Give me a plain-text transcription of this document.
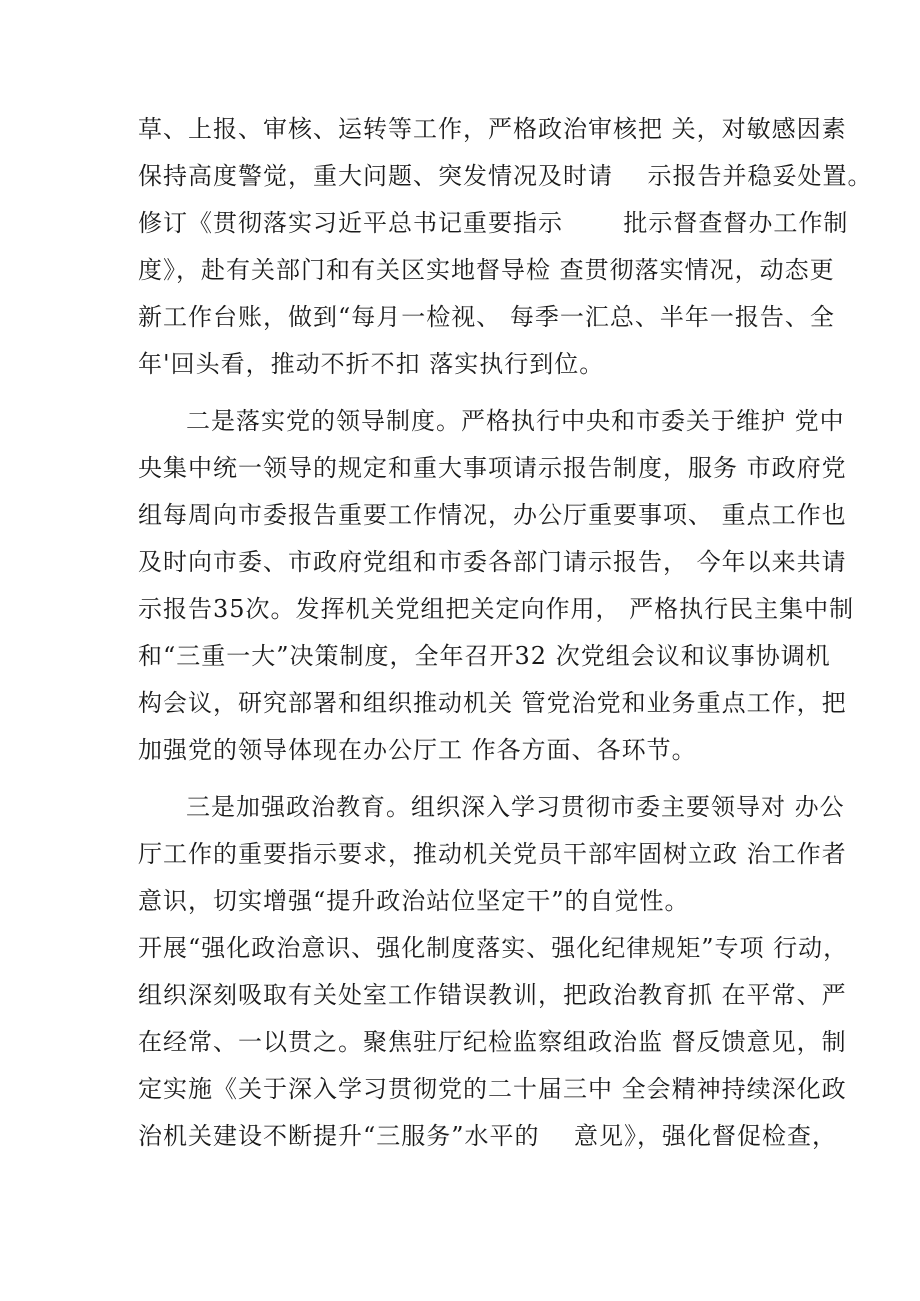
草、上报、审核、运转等工作，严格政治审核把 关，对敏感因素
保持高度警觉，重大问题、突发情况及时请    示报告并稳妥处置。
修订《贯彻落实习近平总书记重要指示       批示督查督办工作制
度》，赴有关部门和有关区实地督导检 查贯彻落实情况，动态更
新工作台账，做到“每月一检视、 每季一汇总、半年一报告、全
年'回头看，推动不折不扣 落实执行到位。
二是落实党的领导制度。严格执行中央和市委关于维护 党中
央集中统一领导的规定和重大事项请示报告制度，服务 市政府党
组每周向市委报告重要工作情况，办公厅重要事项、 重点工作也
及时向市委、市政府党组和市委各部门请示报告， 今年以来共请
示报告35次。发挥机关党组把关定向作用， 严格执行民主集中制
和“三重一大”决策制度，全年召开32 次党组会议和议事协调机
构会议，研究部署和组织推动机关 管党治党和业务重点工作，把
加强党的领导体现在办公厅工 作各方面、各环节。
三是加强政治教育。组织深入学习贯彻市委主要领导对 办公
厅工作的重要指示要求，推动机关党员干部牢固树立政 治工作者
意识，切实增强“提升政治站位坚定干”的自觉性。
开展“强化政治意识、强化制度落实、强化纪律规矩”专项 行动，
组织深刻吸取有关处室工作错误教训，把政治教育抓 在平常、严
在经常、一以贯之。聚焦驻厅纪检监察组政治监 督反馈意见，制
定实施《关于深入学习贯彻党的二十届三中 全会精神持续深化政
治机关建设不断提升“三服务”水平的    意见》，强化督促检查，
